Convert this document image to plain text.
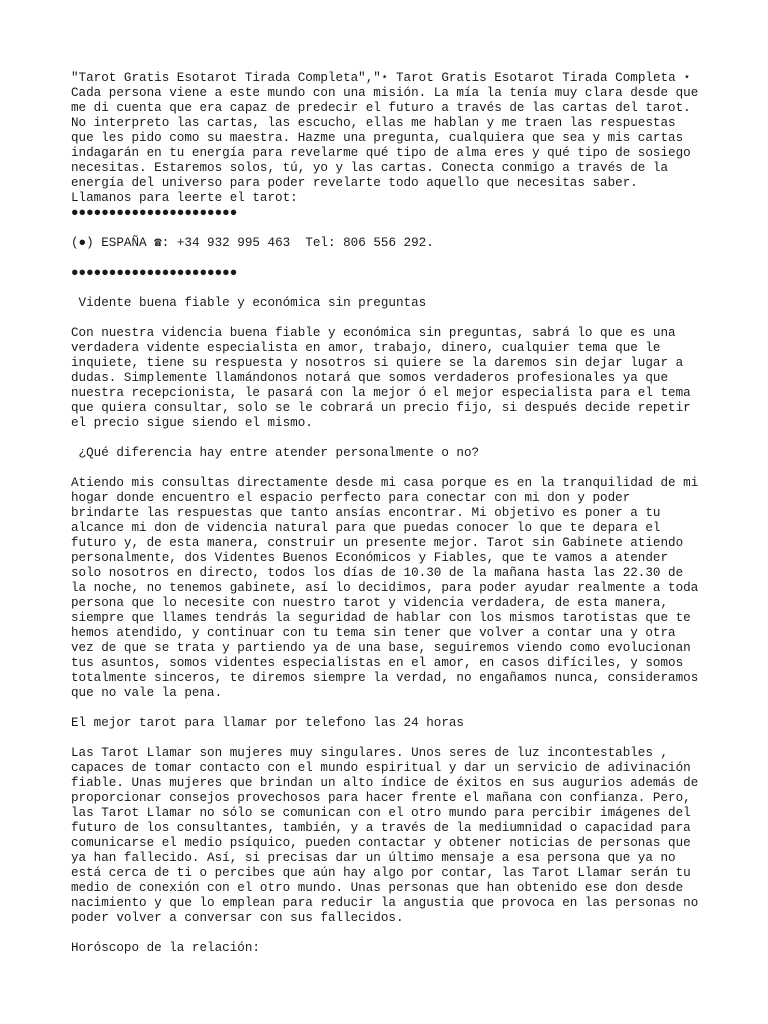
"Tarot Gratis Esotarot Tirada Completa","⋆ Tarot Gratis Esotarot Tirada Completa ⋆
Cada persona viene a este mundo con una misión. La mía la tenía muy clara desde que
me di cuenta que era capaz de predecir el futuro a través de las cartas del tarot.
No interpreto las cartas, las escucho, ellas me hablan y me traen las respuestas
que les pido como su maestra. Hazme una pregunta, cualquiera que sea y mis cartas
indagarán en tu energía para revelarme qué tipo de alma eres y qué tipo de sosiego
necesitas. Estaremos solos, tú, yo y las cartas. Conecta conmigo a través de la
energía del universo para poder revelarte todo aquello que necesitas saber.
Llamanos para leerte el tarot:
●●●●●●●●●●●●●●●●●●●●●●
(●) ESPAÑA ☎: +34 932 995 463  Tel: 806 556 292.
●●●●●●●●●●●●●●●●●●●●●●
Vidente buena fiable y económica sin preguntas
Con nuestra videncia buena fiable y económica sin preguntas, sabrá lo que es una
verdadera vidente especialista en amor, trabajo, dinero, cualquier tema que le
inquiete, tiene su respuesta y nosotros si quiere se la daremos sin dejar lugar a
dudas. Simplemente llamándonos notará que somos verdaderos profesionales ya que
nuestra recepcionista, le pasará con la mejor ó el mejor especialista para el tema
que quiera consultar, solo se le cobrará un precio fijo, si después decide repetir
el precio sigue siendo el mismo.
¿Qué diferencia hay entre atender personalmente o no?
Atiendo mis consultas directamente desde mi casa porque es en la tranquilidad de mi
hogar donde encuentro el espacio perfecto para conectar con mi don y poder
brindarte las respuestas que tanto ansías encontrar. Mi objetivo es poner a tu
alcance mi don de videncia natural para que puedas conocer lo que te depara el
futuro y, de esta manera, construir un presente mejor. Tarot sin Gabinete atiendo
personalmente, dos Videntes Buenos Económicos y Fiables, que te vamos a atender
solo nosotros en directo, todos los días de 10.30 de la mañana hasta las 22.30 de
la noche, no tenemos gabinete, así lo decidimos, para poder ayudar realmente a toda
persona que lo necesite con nuestro tarot y videncia verdadera, de esta manera,
siempre que llames tendrás la seguridad de hablar con los mismos tarotistas que te
hemos atendido, y continuar con tu tema sin tener que volver a contar una y otra
vez de que se trata y partiendo ya de una base, seguiremos viendo como evolucionan
tus asuntos, somos videntes especialistas en el amor, en casos difíciles, y somos
totalmente sinceros, te diremos siempre la verdad, no engañamos nunca, consideramos
que no vale la pena.
El mejor tarot para llamar por telefono las 24 horas
Las Tarot Llamar son mujeres muy singulares. Unos seres de luz incontestables ,
capaces de tomar contacto con el mundo espiritual y dar un servicio de adivinación
fiable. Unas mujeres que brindan un alto índice de éxitos en sus augurios además de
proporcionar consejos provechosos para hacer frente el mañana con confianza. Pero,
las Tarot Llamar no sólo se comunican con el otro mundo para percibir imágenes del
futuro de los consultantes, también, y a través de la mediumnidad o capacidad para
comunicarse el medio psíquico, pueden contactar y obtener noticias de personas que
ya han fallecido. Así, si precisas dar un último mensaje a esa persona que ya no
está cerca de ti o percibes que aún hay algo por contar, las Tarot Llamar serán tu
medio de conexión con el otro mundo. Unas personas que han obtenido ese don desde
nacimiento y que lo emplean para reducir la angustia que provoca en las personas no
poder volver a conversar con sus fallecidos.
Horóscopo de la relación:
